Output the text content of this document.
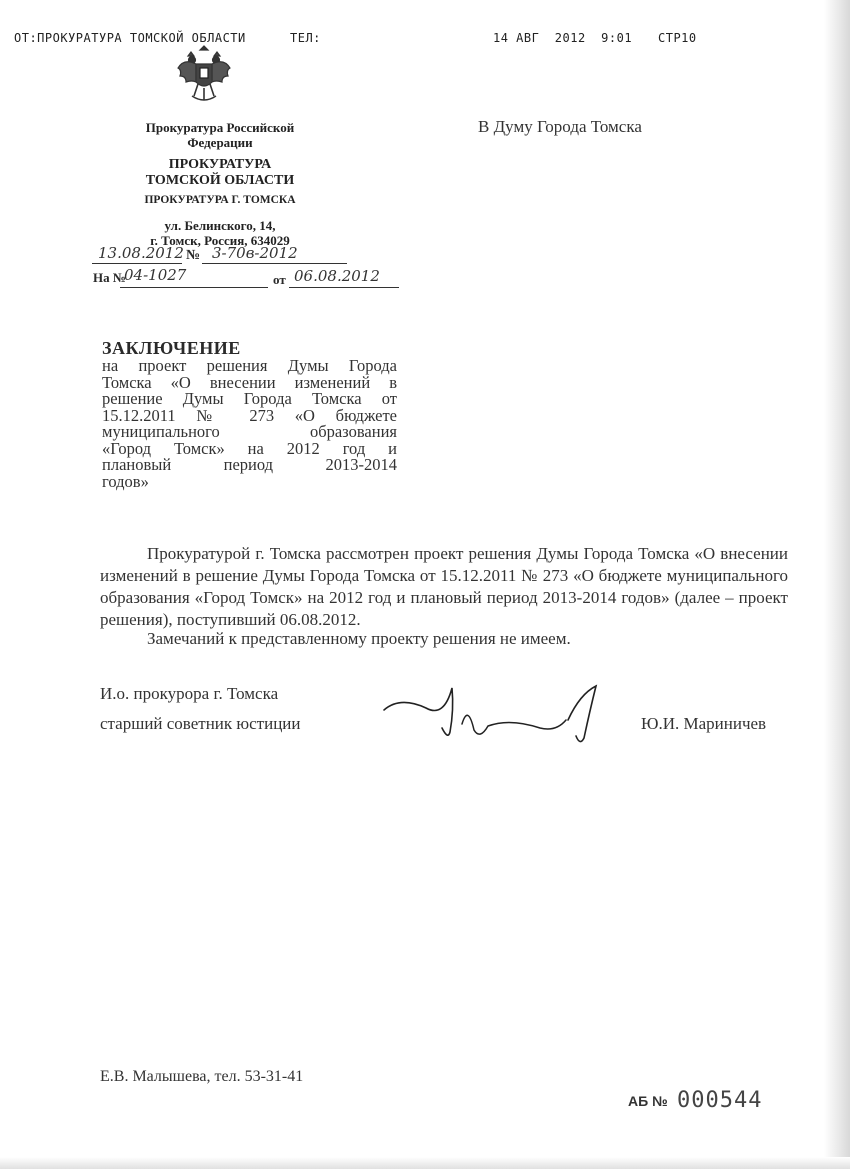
ОТ:ПРОКУРАТУРА ТОМСКОЙ ОБЛАСТИ	ТЕЛ:	14 АВГ  2012  9:01 СТР10
Прокуратура Российской
Федерации
ПРОКУРАТУРА
ТОМСКОЙ ОБЛАСТИ
ПРОКУРАТУРА Г. ТОМСКА
ул. Белинского, 14,
г. Томск, Россия, 634029
13.08.2012 № 3-70в-2012
На №
04-1027	от 06.08.2012
В Думу Города Томска
ЗАКЛЮЧЕНИЕ
на проект решения Думы Города
Томска «О внесении изменений в
решение Думы Города Томска от
15.12.2011 № 273 «О бюджете
муниципального образования
«Город Томск» на 2012 год и
плановый период 2013-2014
годов»
Прокуратурой г. Томска рассмотрен проект решения Думы Города Томска «О внесении изменений в решение Думы Города Томска от 15.12.2011 № 273 «О бюджете муниципального образования «Город Томск» на 2012 год и плановый период 2013-2014 годов» (далее – проект решения), поступивший 06.08.2012.
Замечаний к представленному проекту решения не имеем.
И.о. прокурора г. Томска
старший советник юстиции	Ю.И. Мариничев
Е.В. Малышева, тел. 53-31-41
АБ № 000544
